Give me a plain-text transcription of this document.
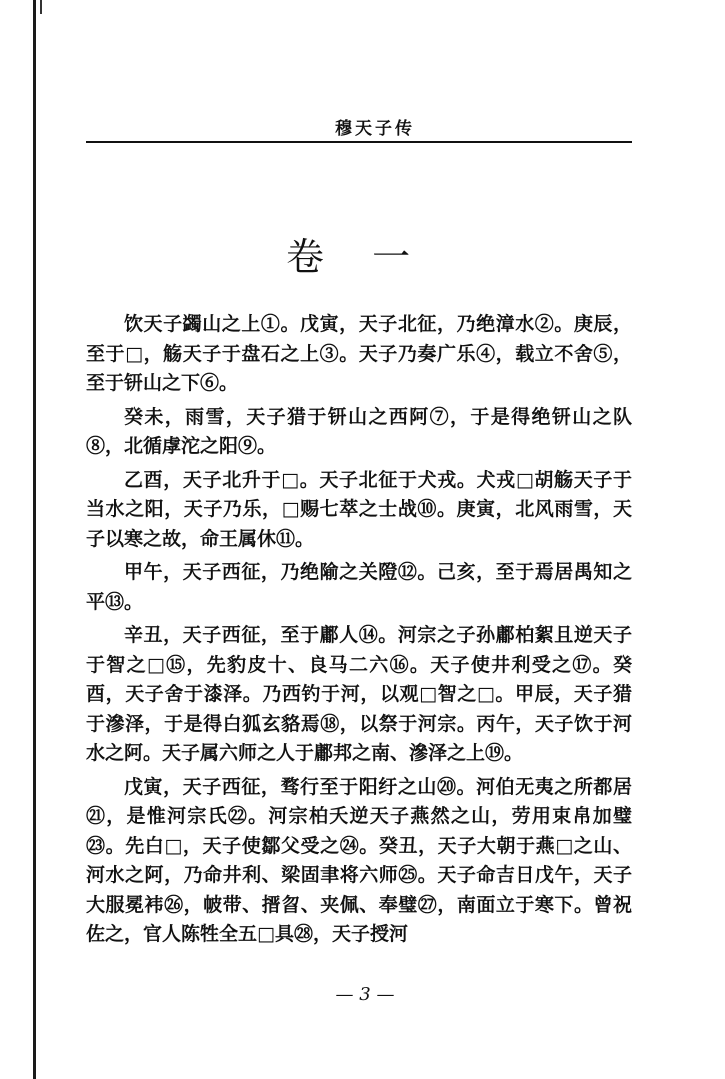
穆天子传
卷 一

饮天子蠲山之上①。戊寅，天子北征，乃绝漳水②。庚辰，至于□，觞天子于盘石之上③。天子乃奏广乐④，载立不舍⑤，至于钘山之下⑥。

癸未，雨雪，天子猎于钘山之西阿⑦，于是得绝钘山之队⑧，北循虖沱之阳⑨。

乙酉，天子北升于□。天子北征于犬戎。犬戎□胡觞天子于当水之阳，天子乃乐，□赐七萃之士战⑩。庚寅，北风雨雪，天子以寒之故，命王属休⑪。

甲午，天子西征，乃绝隃之关隥⑫。己亥，至于焉居禺知之平⑬。

辛丑，天子西征，至于鄘人⑭。河宗之子孙鄘柏絮且逆天子于智之□⑮，先豹皮十、良马二六⑯。天子使井利受之⑰。癸酉，天子舍于漆泽。乃西钓于河，以观□智之□。甲辰，天子猎于滲泽，于是得白狐玄貉焉⑱，以祭于河宗。丙午，天子饮于河水之阿。天子属六师之人于鄘邦之南、滲泽之上⑲。

戊寅，天子西征，骛行至于阳纡之山⑳。河伯无夷之所都居㉑，是惟河宗氏㉒。河宗柏夭逆天子燕然之山，劳用束帛加璧㉓。先白□，天子使鄒父受之㉔。癸丑，天子大朝于燕□之山、河水之阿，乃命井利、梁固聿将六师㉕。天子命吉日戊午，天子大服冕袆㉖，帔带、搢曶、夹佩、奉璧㉗，南面立于寒下。曾祝佐之，官人陈牲全五□具㉘，天子授河

— 3 —
